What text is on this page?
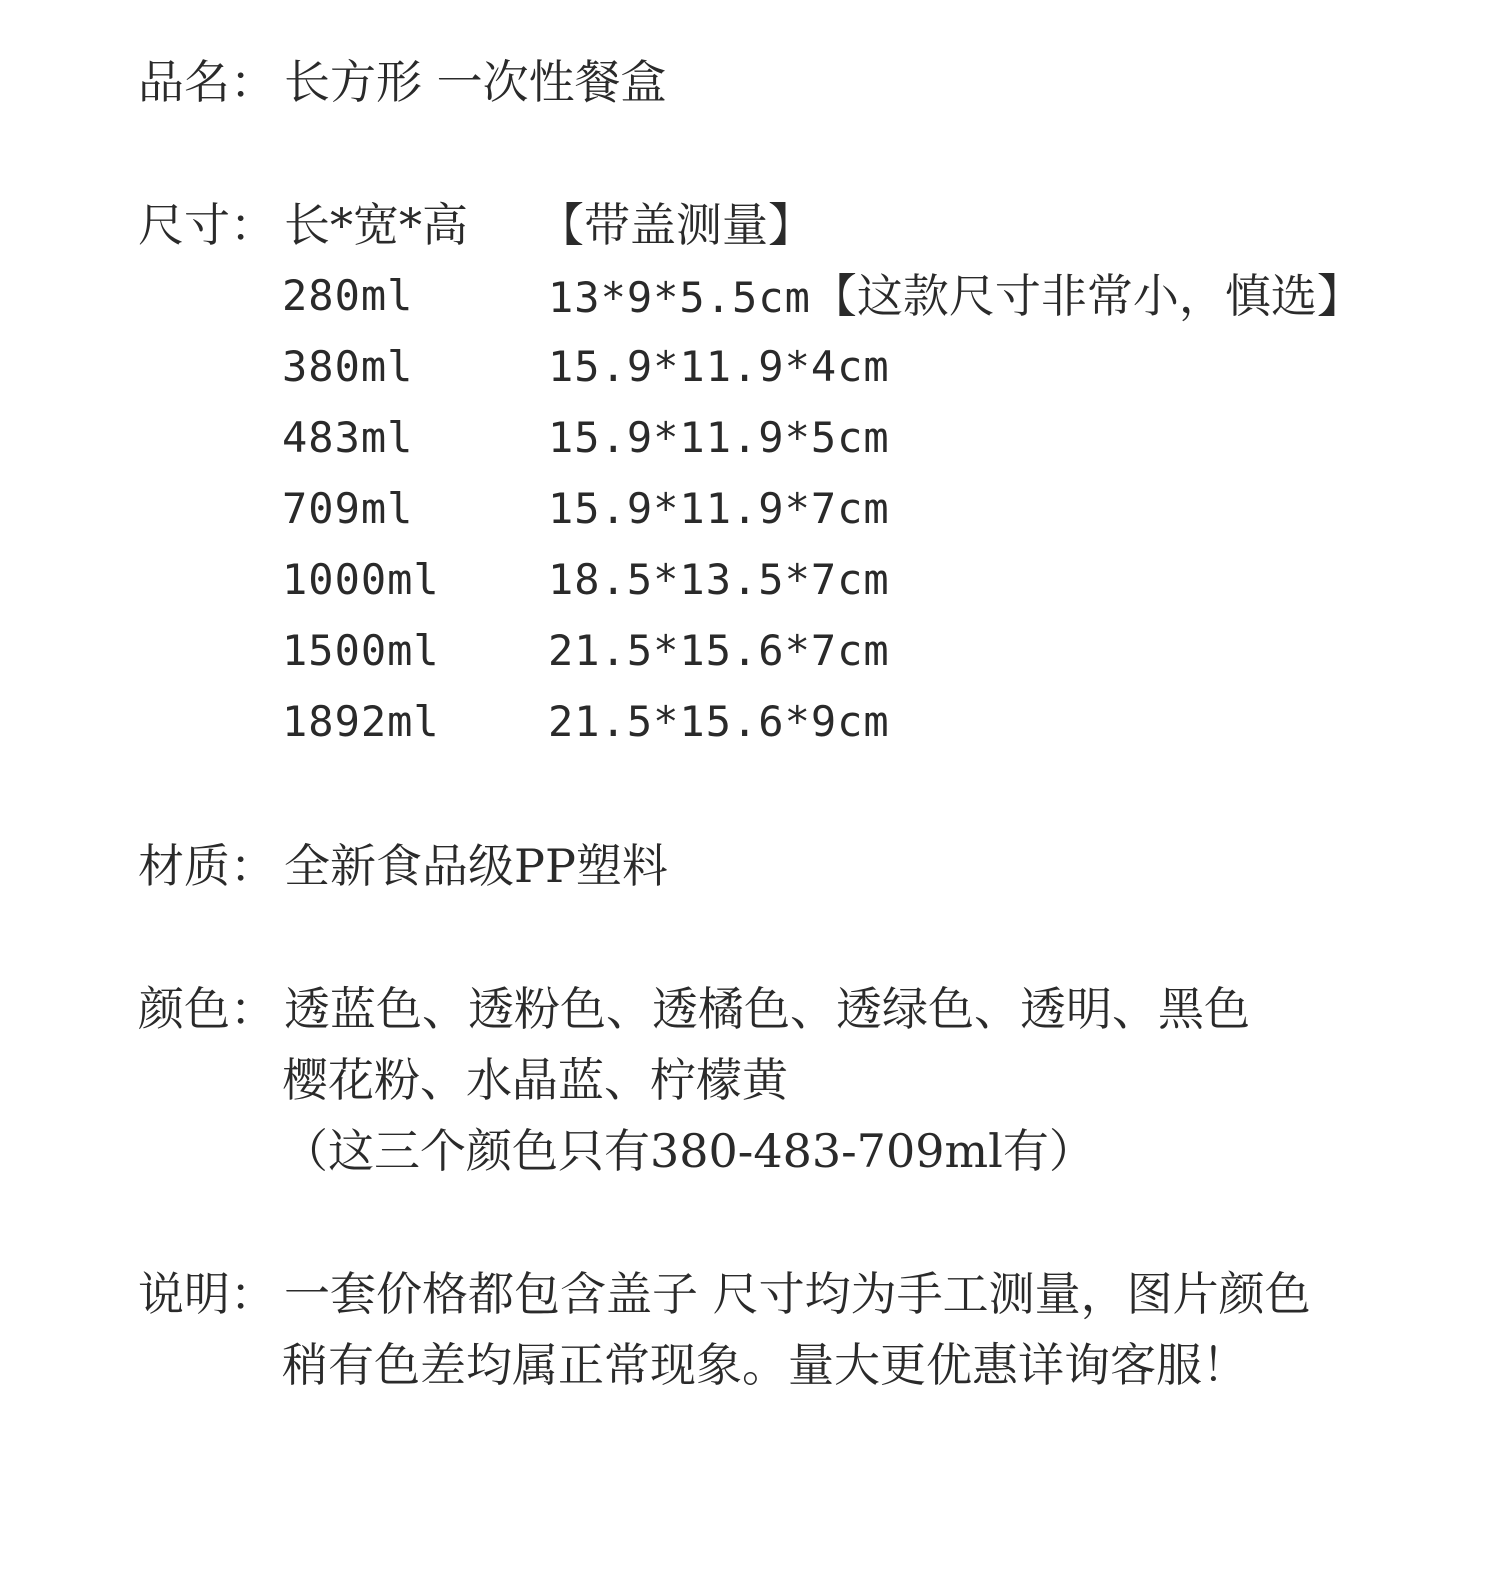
品名： 长方形 一次性餐盒
尺寸： 长*宽*高 【带盖测量】
280ml	13*9*5.5cm【这款尺寸非常小，慎选】
380ml	15.9*11.9*4cm
483ml	15.9*11.9*5cm
709ml	15.9*11.9*7cm
1000ml	18.5*13.5*7cm
1500ml	21.5*15.6*7cm
1892ml	21.5*15.6*9cm
材质： 全新食品级PP塑料
颜色： 透蓝色、透粉色、透橘色、透绿色、透明、黑色
樱花粉、水晶蓝、柠檬黄
（这三个颜色只有380-483-709ml有）
说明： 一套价格都包含盖子 尺寸均为手工测量，图片颜色
稍有色差均属正常现象。量大更优惠详询客服！
